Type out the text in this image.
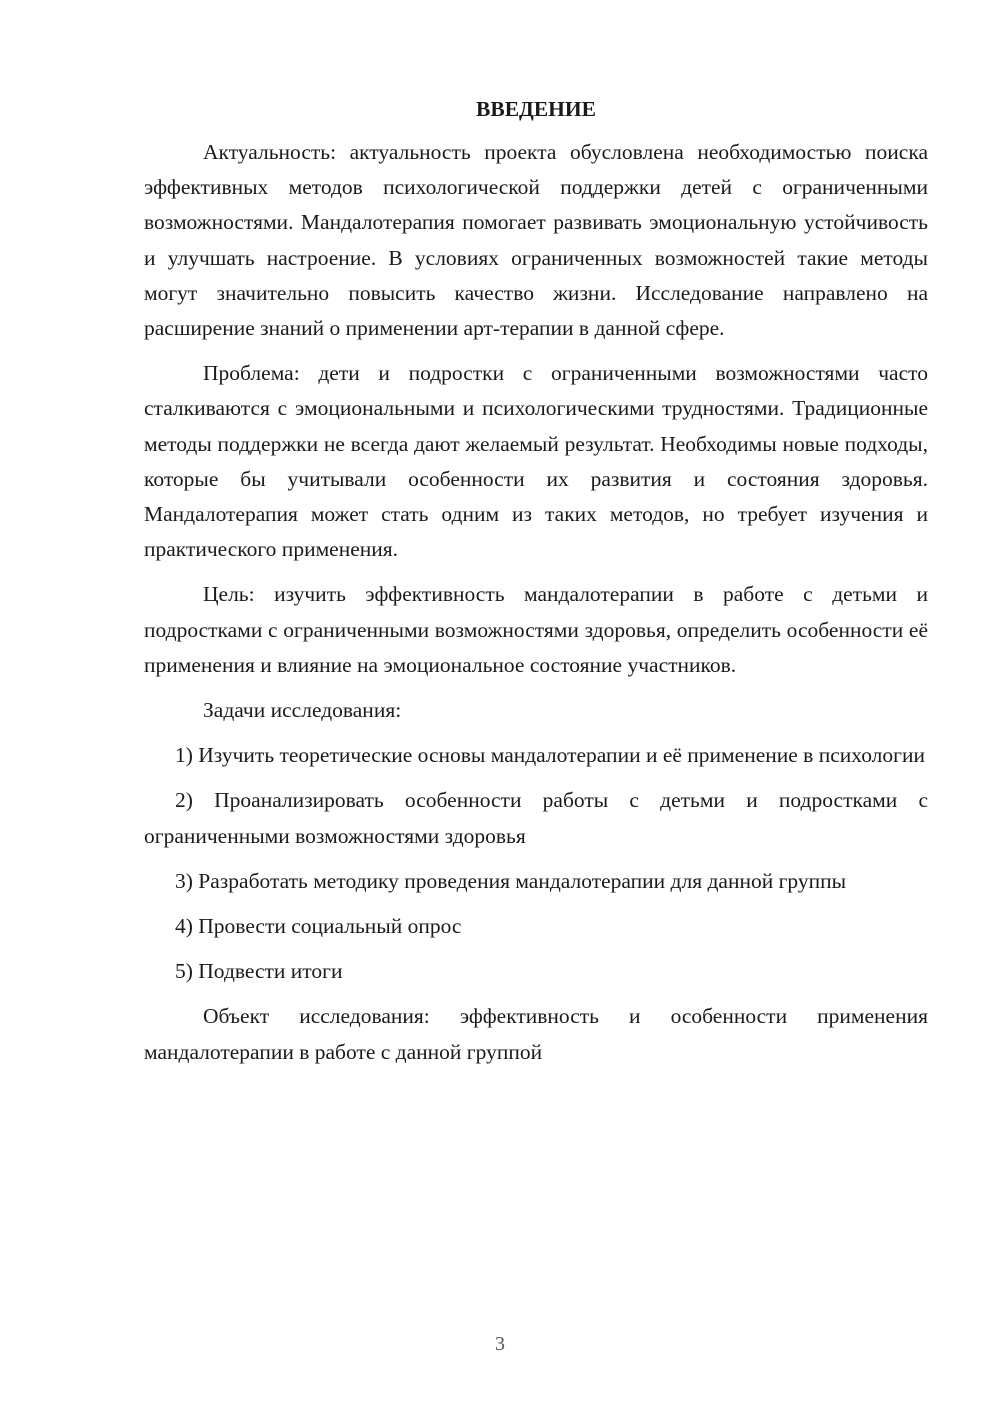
ВВЕДЕНИЕ

Актуальность: актуальность проекта обусловлена необходимостью поиска эффективных методов психологической поддержки детей с ограниченными возможностями. Мандалотерапия помогает развивать эмоциональную устойчивость и улучшать настроение. В условиях ограниченных возможностей такие методы могут значительно повысить качество жизни. Исследование направлено на расширение знаний о применении арт-терапии в данной сфере.

Проблема: дети и подростки с ограниченными возможностями часто сталкиваются с эмоциональными и психологическими трудностями. Традиционные методы поддержки не всегда дают желаемый результат. Необходимы новые подходы, которые бы учитывали особенности их развития и состояния здоровья. Мандалотерапия может стать одним из таких методов, но требует изучения и практического применения.

Цель: изучить эффективность мандалотерапии в работе с детьми и подростками с ограниченными возможностями здоровья, определить особенности её применения и влияние на эмоциональное состояние участников.

Задачи исследования:

1) Изучить теоретические основы мандалотерапии и её применение в психологии

2) Проанализировать особенности работы с детьми и подростками с ограниченными возможностями здоровья

3) Разработать методику проведения мандалотерапии для данной группы

4) Провести социальный опрос

5) Подвести итоги

Объект исследования: эффективность и особенности применения мандалотерапии в работе с данной группой

3
